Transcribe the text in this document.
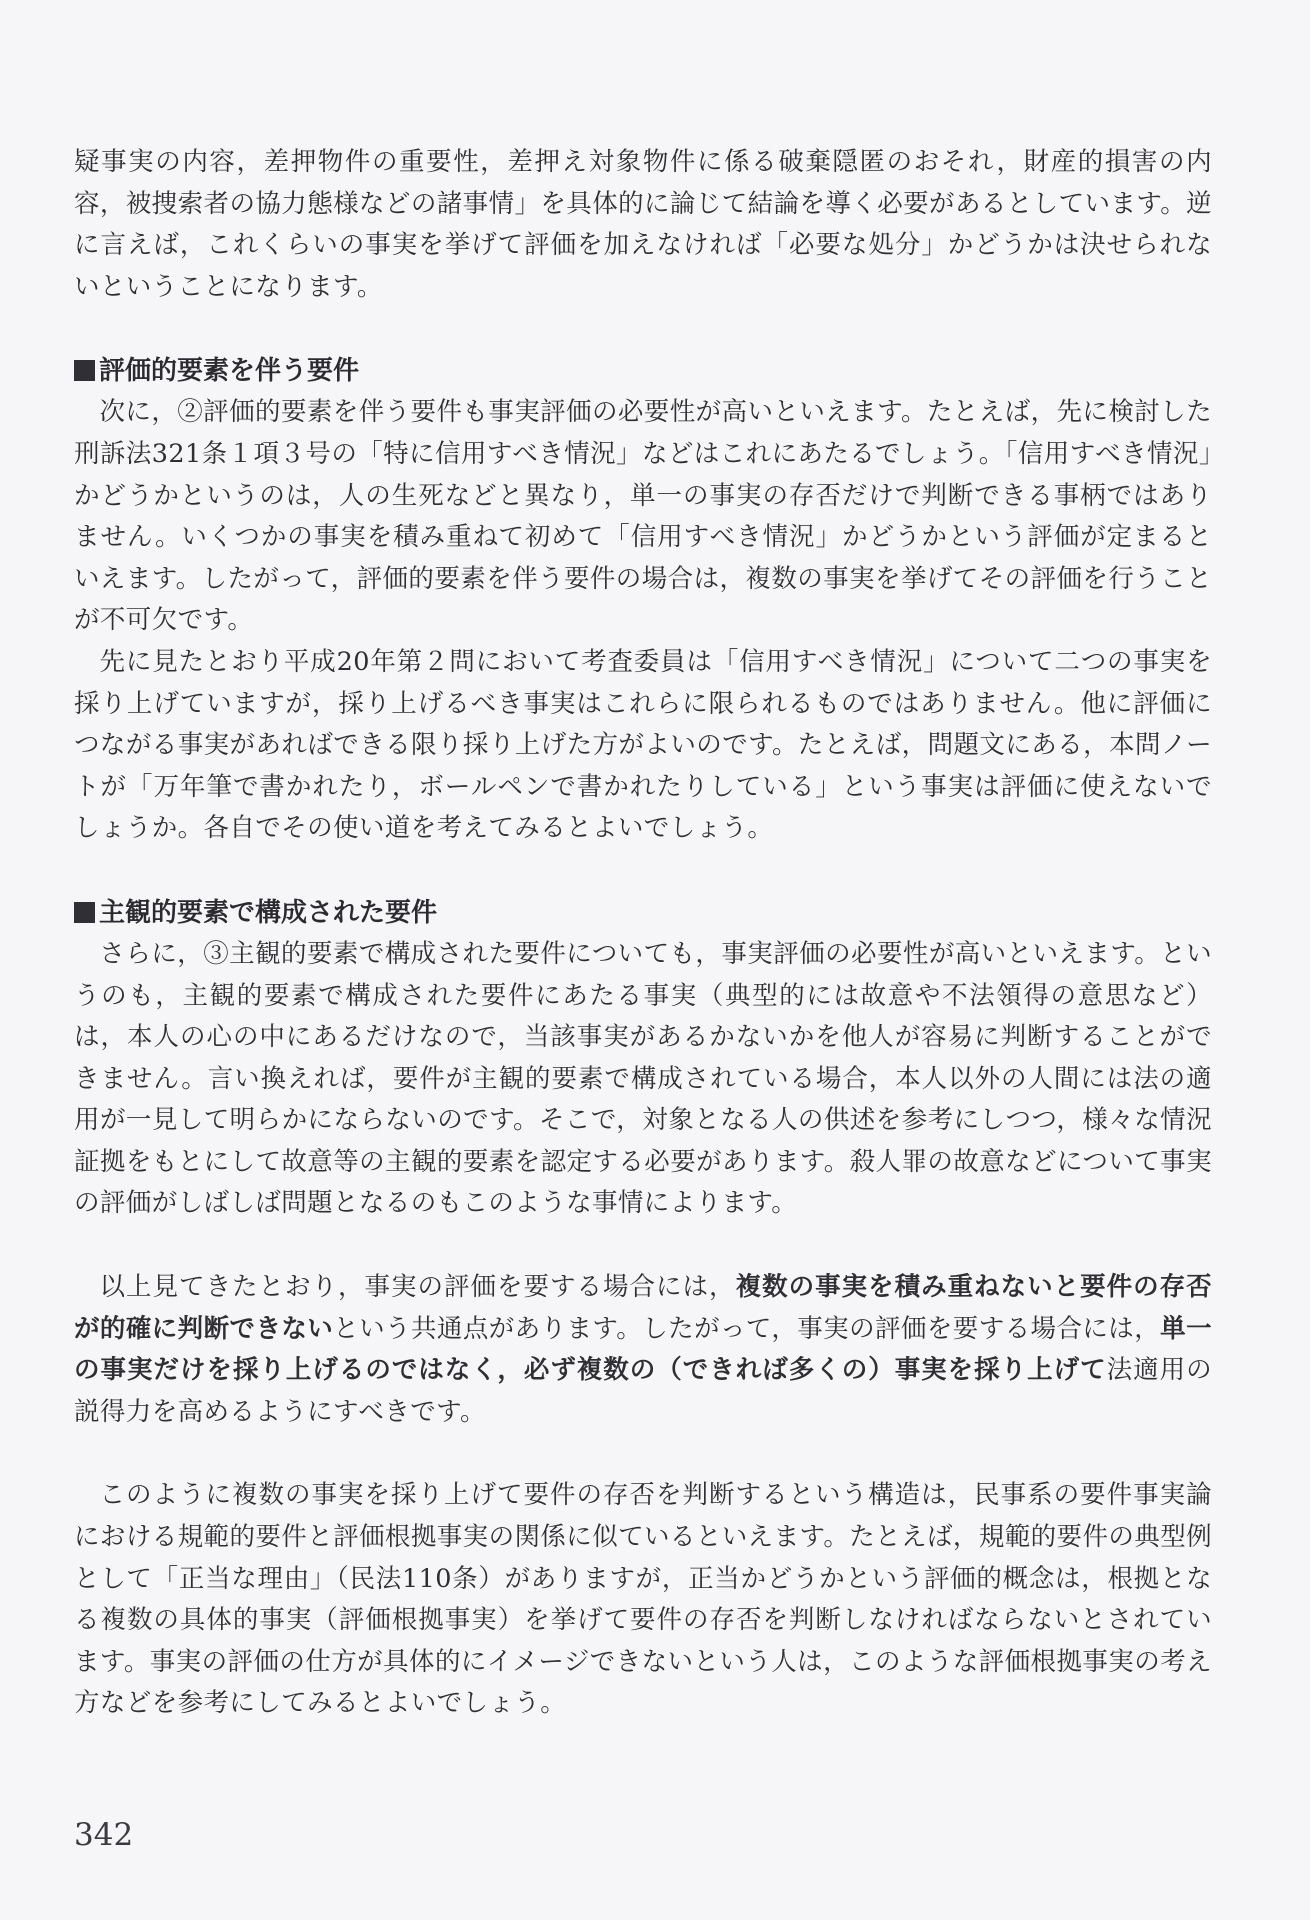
疑事実の内容，差押物件の重要性，差押え対象物件に係る破棄隠匿のおそれ，財産的損害の内容，被捜索者の協力態様などの諸事情」を具体的に論じて結論を導く必要があるとしています。逆に言えば，これくらいの事実を挙げて評価を加えなければ「必要な処分」かどうかは決せられないということになります。

評価的要素を伴う要件

次に，②評価的要素を伴う要件も事実評価の必要性が高いといえます。たとえば，先に検討した刑訴法321条１項３号の「特に信用すべき情況」などはこれにあたるでしょう。「信用すべき情況」かどうかというのは，人の生死などと異なり，単一の事実の存否だけで判断できる事柄ではありません。いくつかの事実を積み重ねて初めて「信用すべき情況」かどうかという評価が定まるといえます。したがって，評価的要素を伴う要件の場合は，複数の事実を挙げてその評価を行うことが不可欠です。

先に見たとおり平成20年第２問において考査委員は「信用すべき情況」について二つの事実を採り上げていますが，採り上げるべき事実はこれらに限られるものではありません。他に評価につながる事実があればできる限り採り上げた方がよいのです。たとえば，問題文にある，本問ノートが「万年筆で書かれたり，ボールペンで書かれたりしている」という事実は評価に使えないでしょうか。各自でその使い道を考えてみるとよいでしょう。

主観的要素で構成された要件

さらに，③主観的要素で構成された要件についても，事実評価の必要性が高いといえます。というのも，主観的要素で構成された要件にあたる事実（典型的には故意や不法領得の意思など）は，本人の心の中にあるだけなので，当該事実があるかないかを他人が容易に判断することができません。言い換えれば，要件が主観的要素で構成されている場合，本人以外の人間には法の適用が一見して明らかにならないのです。そこで，対象となる人の供述を参考にしつつ，様々な情況証拠をもとにして故意等の主観的要素を認定する必要があります。殺人罪の故意などについて事実の評価がしばしば問題となるのもこのような事情によります。

以上見てきたとおり，事実の評価を要する場合には，複数の事実を積み重ねないと要件の存否が的確に判断できないという共通点があります。したがって，事実の評価を要する場合には，単一の事実だけを採り上げるのではなく，必ず複数の（できれば多くの）事実を採り上げて法適用の説得力を高めるようにすべきです。

このように複数の事実を採り上げて要件の存否を判断するという構造は，民事系の要件事実論における規範的要件と評価根拠事実の関係に似ているといえます。たとえば，規範的要件の典型例として「正当な理由」（民法110条）がありますが，正当かどうかという評価的概念は，根拠となる複数の具体的事実（評価根拠事実）を挙げて要件の存否を判断しなければならないとされています。事実の評価の仕方が具体的にイメージできないという人は，このような評価根拠事実の考え方などを参考にしてみるとよいでしょう。

342
